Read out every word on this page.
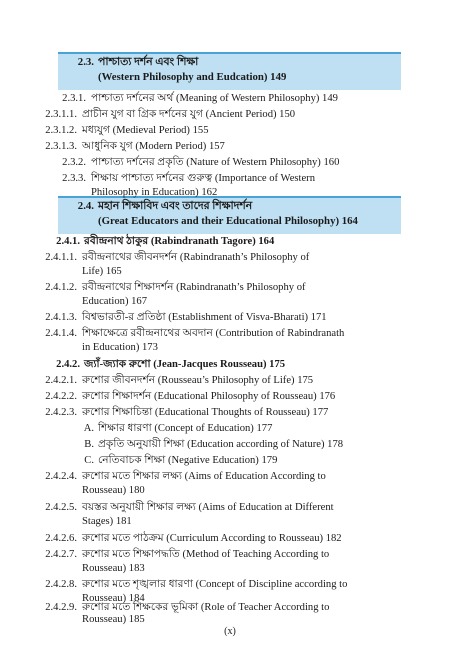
2.3. পাশ্চাত্য দর্শন এবং শিক্ষা
(Western Philosophy and Eudcation) 149
2.3.1. পাশ্চাত্য দর্শনের অর্থ (Meaning of Western Philosophy) 149
2.3.1.1. প্রাচীন যুগ বা গ্রিক দর্শনের যুগ (Ancient Period) 150
2.3.1.2. মধ্যযুগ (Medieval Period) 155
2.3.1.3. আধুনিক যুগ (Modern Period) 157
2.3.2. পাশ্চাত্য দর্শনের প্রকৃতি (Nature of Western Philosophy) 160
2.3.3. শিক্ষায় পাশ্চাত্য দর্শনের গুরুত্ব (Importance of Western
Philosophy in Education) 162
2.4. মহান শিক্ষাবিদ এবং তাদের শিক্ষাদর্শন
(Great Educators and their Educational Philosophy) 164
2.4.1. রবীন্দ্রনাথ ঠাকুর (Rabindranath Tagore) 164
2.4.1.1. রবীন্দ্রনাথের জীবনদর্শন (Rabindranath’s Philosophy of
Life) 165
2.4.1.2. রবীন্দ্রনাথের শিক্ষাদর্শন (Rabindranath’s Philosophy of
Education) 167
2.4.1.3. বিশ্বভারতী-র প্রতিষ্ঠা (Establishment of Visva-Bharati) 171
2.4.1.4. শিক্ষাক্ষেত্রে রবীন্দ্রনাথের অবদান (Contribution of Rabindranath
in Education) 173
2.4.2. জ্যাঁ-জ্যাক রুশো (Jean-Jacques Rousseau) 175
2.4.2.1. রুশোর জীবনদর্শন (Rousseau’s Philosophy of Life) 175
2.4.2.2. রুশোর শিক্ষাদর্শন (Educational Philosophy of Rousseau) 176
2.4.2.3. রুশোর শিক্ষাচিন্তা (Educational Thoughts of Rousseau) 177
A. শিক্ষার ধারণা (Concept of Education) 177
B. প্রকৃতি অনুযায়ী শিক্ষা (Education according of Nature) 178
C. নেতিবাচক শিক্ষা (Negative Education) 179
2.4.2.4. রুশোর মতে শিক্ষার লক্ষ্য (Aims of Education According to
Rousseau) 180
2.4.2.5. বয়স্তর অনুযায়ী শিক্ষার লক্ষ্য (Aims of Education at Different
Stages) 181
2.4.2.6. রুশোর মতে পাঠক্রম (Curriculum According to Rousseau) 182
2.4.2.7. রুশোর মতে শিক্ষাপদ্ধতি (Method of Teaching According to
Rousseau) 183
2.4.2.8. রুশোর মতে শৃঙ্খলার ধারণা (Concept of Discipline according to
Rousseau) 184
2.4.2.9. রুশোর মতে শিক্ষকের ভূমিকা (Role of Teacher According to
Rousseau) 185
(x)
